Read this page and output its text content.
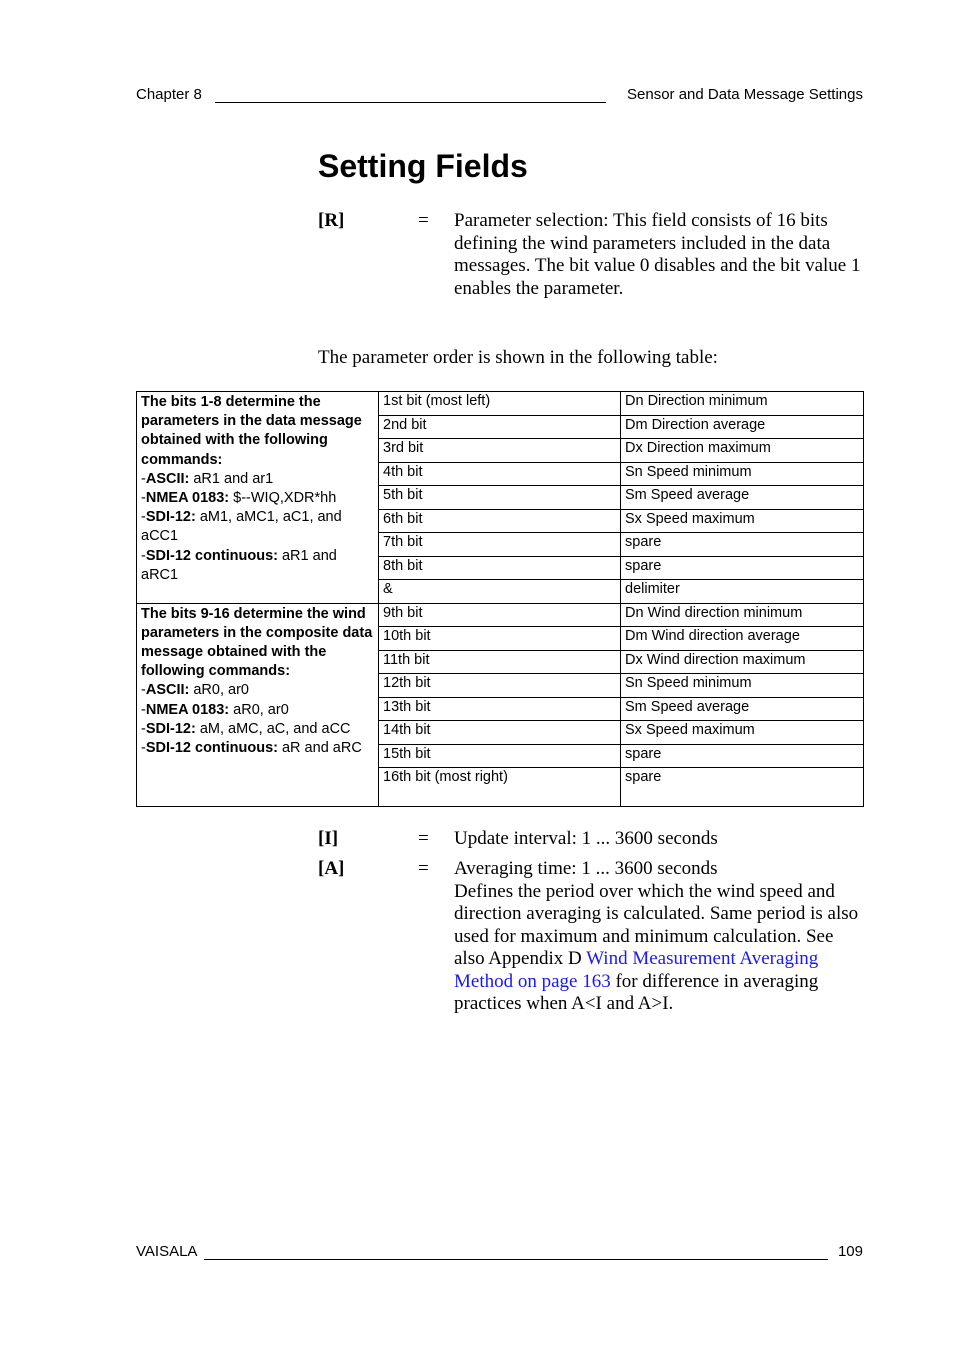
Chapter 8	Sensor and Data Message Settings
Setting Fields
[R]	= Parameter selection: This field consists of 16 bits defining the wind parameters included in the data messages. The bit value 0 disables and the bit value 1 enables the parameter.
The parameter order is shown in the following table:
The bits 1-8 determine the parameters in the data message obtained with the following commands:
-ASCII: aR1 and ar1
-NMEA 0183: $--WIQ,XDR*hh
-SDI-12: aM1, aMC1, aC1, and aCC1
-SDI-12 continuous: aR1 and aRC1	1st bit (most left)	Dn Direction minimum
	2nd bit	Dm Direction average
	3rd bit	Dx Direction maximum
	4th bit	Sn Speed minimum
	5th bit	Sm Speed average
	6th bit	Sx Speed maximum
	7th bit	spare
	8th bit	spare
	&	delimiter
The bits 9-16 determine the wind parameters in the composite data message obtained with the following commands:
-ASCII: aR0, ar0
-NMEA 0183: aR0, ar0
-SDI-12: aM, aMC, aC, and aCC
-SDI-12 continuous: aR and aRC	9th bit	Dn Wind direction minimum
	10th bit	Dm Wind direction average
	11th bit	Dx Wind direction maximum
	12th bit	Sn Speed minimum
	13th bit	Sm Speed average
	14th bit	Sx Speed maximum
	15th bit	spare
	16th bit (most right)	spare
[I]	= Update interval: 1 ... 3600 seconds
[A]	= Averaging time: 1 ... 3600 seconds
Defines the period over which the wind speed and direction averaging is calculated. Same period is also used for maximum and minimum calculation. See also Appendix D Wind Measurement Averaging Method on page 163 for difference in averaging practices when A<I and A>I.
VAISALA	109
